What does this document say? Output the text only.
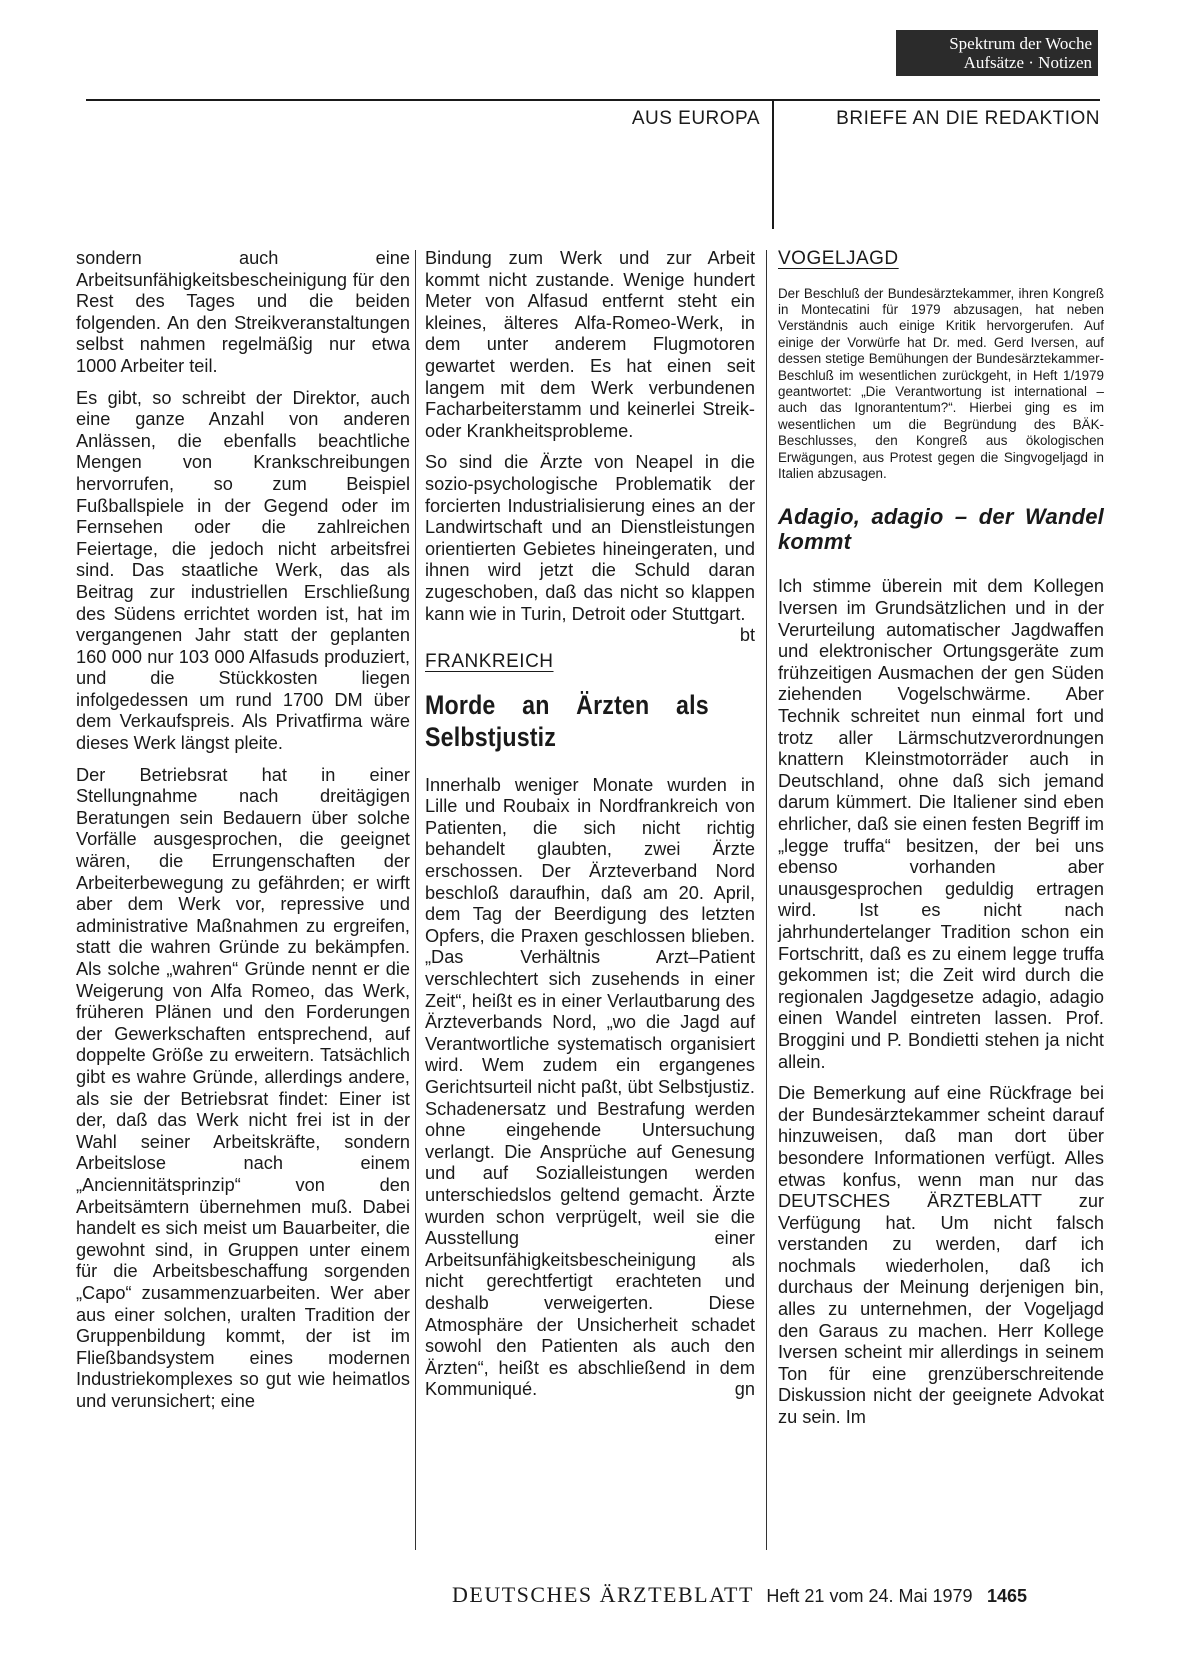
Spektrum der Woche
Aufsätze · Notizen
AUS EUROPA	BRIEFE AN DIE REDAKTION

sondern auch eine Arbeitsunfähigkeitsbescheinigung für den Rest des Tages und die beiden folgenden. An den Streikveranstaltungen selbst nahmen regelmäßig nur etwa 1000 Arbeiter teil.

Es gibt, so schreibt der Direktor, auch eine ganze Anzahl von anderen Anlässen, die ebenfalls beachtliche Mengen von Krankschreibungen hervorrufen, so zum Beispiel Fußballspiele in der Gegend oder im Fernsehen oder die zahlreichen Feiertage, die jedoch nicht arbeitsfrei sind. Das staatliche Werk, das als Beitrag zur industriellen Erschließung des Südens errichtet worden ist, hat im vergangenen Jahr statt der geplanten 160 000 nur 103 000 Alfasuds produziert, und die Stückkosten liegen infolgedessen um rund 1700 DM über dem Verkaufspreis. Als Privatfirma wäre dieses Werk längst pleite.

Der Betriebsrat hat in einer Stellungnahme nach dreitägigen Beratungen sein Bedauern über solche Vorfälle ausgesprochen, die geeignet wären, die Errungenschaften der Arbeiterbewegung zu gefährden; er wirft aber dem Werk vor, repressive und administrative Maßnahmen zu ergreifen, statt die wahren Gründe zu bekämpfen. Als solche „wahren“ Gründe nennt er die Weigerung von Alfa Romeo, das Werk, früheren Plänen und den Forderungen der Gewerkschaften entsprechend, auf doppelte Größe zu erweitern. Tatsächlich gibt es wahre Gründe, allerdings andere, als sie der Betriebsrat findet: Einer ist der, daß das Werk nicht frei ist in der Wahl seiner Arbeitskräfte, sondern Arbeitslose nach einem „Anciennitätsprinzip“ von den Arbeitsämtern übernehmen muß. Dabei handelt es sich meist um Bauarbeiter, die gewohnt sind, in Gruppen unter einem für die Arbeitsbeschaffung sorgenden „Capo“ zusammenzuarbeiten. Wer aber aus einer solchen, uralten Tradition der Gruppenbildung kommt, der ist im Fließbandsystem eines modernen Industriekomplexes so gut wie heimatlos und verunsichert; eine

Bindung zum Werk und zur Arbeit kommt nicht zustande. Wenige hundert Meter von Alfasud entfernt steht ein kleines, älteres Alfa-Romeo-Werk, in dem unter anderem Flugmotoren gewartet werden. Es hat einen seit langem mit dem Werk verbundenen Facharbeiterstamm und keinerlei Streik- oder Krankheitsprobleme.

So sind die Ärzte von Neapel in die sozio-psychologische Problematik der forcierten Industrialisierung eines an der Landwirtschaft und an Dienstleistungen orientierten Gebietes hineingeraten, und ihnen wird jetzt die Schuld daran zugeschoben, daß das nicht so klappen kann wie in Turin, Detroit oder Stuttgart.
bt

FRANKREICH
Morde an Ärzten als Selbstjustiz

Innerhalb weniger Monate wurden in Lille und Roubaix in Nordfrankreich von Patienten, die sich nicht richtig behandelt glaubten, zwei Ärzte erschossen. Der Ärzteverband Nord beschloß daraufhin, daß am 20. April, dem Tag der Beerdigung des letzten Opfers, die Praxen geschlossen blieben. „Das Verhältnis Arzt–Patient verschlechtert sich zusehends in einer Zeit“, heißt es in einer Verlautbarung des Ärzteverbands Nord, „wo die Jagd auf Verantwortliche systematisch organisiert wird. Wem zudem ein ergangenes Gerichtsurteil nicht paßt, übt Selbstjustiz. Schadenersatz und Bestrafung werden ohne eingehende Untersuchung verlangt. Die Ansprüche auf Genesung und auf Sozialleistungen werden unterschiedslos geltend gemacht. Ärzte wurden schon verprügelt, weil sie die Ausstellung einer Arbeitsunfähigkeitsbescheinigung als nicht gerechtfertigt erachteten und deshalb verweigerten. Diese Atmosphäre der Unsicherheit schadet sowohl den Patienten als auch den Ärzten“, heißt es abschließend in dem Kommuniqué.	gn

VOGELJAGD

Der Beschluß der Bundesärztekammer, ihren Kongreß in Montecatini für 1979 abzusagen, hat neben Verständnis auch einige Kritik hervorgerufen. Auf einige der Vorwürfe hat Dr. med. Gerd Iversen, auf dessen stetige Bemühungen der Bundesärztekammer-Beschluß im wesentlichen zurückgeht, in Heft 1/1979 geantwortet: „Die Verantwortung ist international – auch das Ignorantentum?“. Hierbei ging es im wesentlichen um die Begründung des BÄK-Beschlusses, den Kongreß aus ökologischen Erwägungen, aus Protest gegen die Singvogeljagd in Italien abzusagen.

Adagio, adagio – der Wandel kommt

Ich stimme überein mit dem Kollegen Iversen im Grundsätzlichen und in der Verurteilung automatischer Jagdwaffen und elektronischer Ortungsgeräte zum frühzeitigen Ausmachen der gen Süden ziehenden Vogelschwärme. Aber Technik schreitet nun einmal fort und trotz aller Lärmschutzverordnungen knattern Kleinstmotorräder auch in Deutschland, ohne daß sich jemand darum kümmert. Die Italiener sind eben ehrlicher, daß sie einen festen Begriff im „legge truffa“ besitzen, der bei uns ebenso vorhanden aber unausgesprochen geduldig ertragen wird. Ist es nicht nach jahrhundertelanger Tradition schon ein Fortschritt, daß es zu einem legge truffa gekommen ist; die Zeit wird durch die regionalen Jagdgesetze adagio, adagio einen Wandel eintreten lassen. Prof. Broggini und P. Bondietti stehen ja nicht allein.

Die Bemerkung auf eine Rückfrage bei der Bundesärztekammer scheint darauf hinzuweisen, daß man dort über besondere Informationen verfügt. Alles etwas konfus, wenn man nur das DEUTSCHES ÄRZTEBLATT zur Verfügung hat. Um nicht falsch verstanden zu werden, darf ich nochmals wiederholen, daß ich durchaus der Meinung derjenigen bin, alles zu unternehmen, der Vogeljagd den Garaus zu machen. Herr Kollege Iversen scheint mir allerdings in seinem Ton für eine grenzüberschreitende Diskussion nicht der geeignete Advokat zu sein. Im

DEUTSCHES ÄRZTEBLATT Heft 21 vom 24. Mai 1979 1465
